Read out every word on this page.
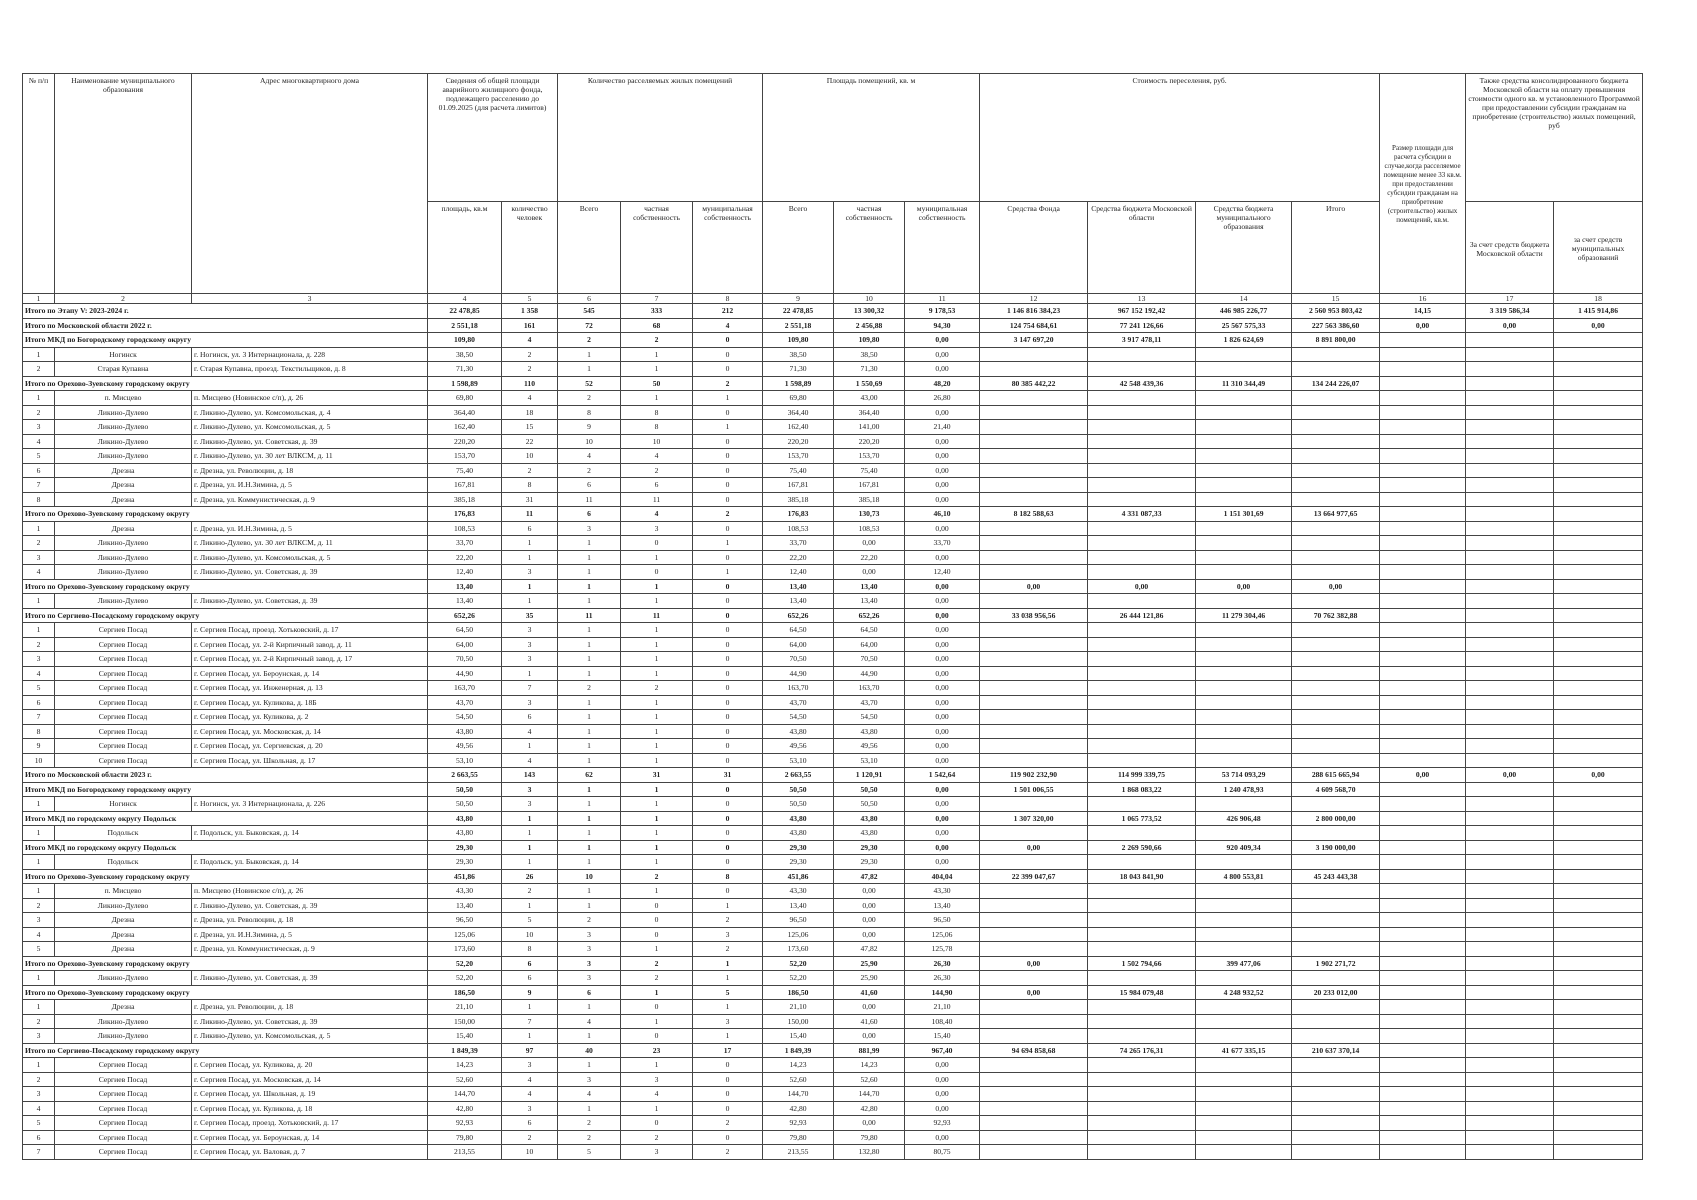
№ п/п	Наименование муниципального образования	Адрес многоквартирного дома	Сведения об общей площади аварийного жилищного фонда, подлежащего расселению до 01.09.2025 (для расчета лимитов)		Количество расселяемых жилых помещений			Площадь помещений, кв. м			Стоимость переселения, руб.				Размер площади для расчета субсидии в случае,когда расселяемое помещение менее 33 кв.м. при предоставлении субсидии гражданам на приобретение (строительство) жилых помещений, кв.м.	Также средства консолидированного бюджета Московской области на оплату превышения стоимости одного кв. м установленного Программой при предоставлении субсидии гражданам на приобретение (строительство) жилых помещений, руб	
			площадь, кв.м	количество человек	Всего	частная собственность	муниципальная собственность	Всего	частная собственность	муниципальная собственность	Средства Фонда	Средства бюджета Московской области	Средства бюджета муниципального образования	Итого		За счет средств бюджета Московской области	за счет средств муниципальных образований
1	2	3	4	5	6	7	8	9	10	11	12	13	14	15	16	17	18
Итого по Этапу V: 2023-2024 г.			22 478,85	1 358	545	333	212	22 478,85	13 300,32	9 178,53	1 146 816 384,23	967 152 192,42	446 985 226,77	2 560 953 803,42	14,15	3 319 586,34	1 415 914,86
Итого по Московской области 2022 г.			2 551,18	161	72	68	4	2 551,18	2 456,88	94,30	124 754 684,61	77 241 126,66	25 567 575,33	227 563 386,60	0,00	0,00	0,00
Итого МКД по Богородскому городскому округу			109,80	4	2	2	0	109,80	109,80	0,00	3 147 697,20	3 917 478,11	1 826 624,69	8 891 800,00			
1	Ногинск	г. Ногинск, ул. 3 Интернационала, д. 228	38,50	2	1	1	0	38,50	38,50	0,00							
2	Старая Купавна	г. Старая Купавна, проезд. Текстильщиков, д. 8	71,30	2	1	1	0	71,30	71,30	0,00							
Итого по Орехово-Зуевскому городскому округу			1 598,89	110	52	50	2	1 598,89	1 550,69	48,20	80 385 442,22	42 548 439,36	11 310 344,49	134 244 226,07			
1	п. Мисцево	п. Мисцево (Новинское с/п), д. 26	69,80	4	2	1	1	69,80	43,00	26,80							
2	Ликино-Дулево	г. Ликино-Дулево, ул. Комсомольская, д. 4	364,40	18	8	8	0	364,40	364,40	0,00							
3	Ликино-Дулево	г. Ликино-Дулево, ул. Комсомольская, д. 5	162,40	15	9	8	1	162,40	141,00	21,40							
4	Ликино-Дулево	г. Ликино-Дулево, ул. Советская, д. 39	220,20	22	10	10	0	220,20	220,20	0,00							
5	Ликино-Дулево	г. Ликино-Дулево, ул. 30 лет ВЛКСМ, д. 11	153,70	10	4	4	0	153,70	153,70	0,00							
6	Дрезна	г. Дрезна, ул. Революции, д. 18	75,40	2	2	2	0	75,40	75,40	0,00							
7	Дрезна	г. Дрезна, ул. И.Н.Зимина, д. 5	167,81	8	6	6	0	167,81	167,81	0,00							
8	Дрезна	г. Дрезна, ул. Коммунистическая, д. 9	385,18	31	11	11	0	385,18	385,18	0,00							
Итого по Орехово-Зуевскому городскому округу			176,83	11	6	4	2	176,83	130,73	46,10	8 182 588,63	4 331 087,33	1 151 301,69	13 664 977,65			
1	Дрезна	г. Дрезна, ул. И.Н.Зимина, д. 5	108,53	6	3	3	0	108,53	108,53	0,00							
2	Ликино-Дулево	г. Ликино-Дулево, ул. 30 лет ВЛКСМ, д. 11	33,70	1	1	0	1	33,70	0,00	33,70							
3	Ликино-Дулево	г. Ликино-Дулево, ул. Комсомольская, д. 5	22,20	1	1	1	0	22,20	22,20	0,00							
4	Ликино-Дулево	г. Ликино-Дулево, ул. Советская, д. 39	12,40	3	1	0	1	12,40	0,00	12,40							
Итого по Орехово-Зуевскому городскому округу			13,40	1	1	1	0	13,40	13,40	0,00	0,00	0,00	0,00	0,00			
1	Ликино-Дулево	г. Ликино-Дулево, ул. Советская, д. 39	13,40	1	1	1	0	13,40	13,40	0,00							
Итого по Сергиево-Посадскому городскому округу			652,26	35	11	11	0	652,26	652,26	0,00	33 038 956,56	26 444 121,86	11 279 304,46	70 762 382,88			
1	Сергиев Посад	г. Сергиев Посад, проезд. Хотьковский, д. 17	64,50	3	1	1	0	64,50	64,50	0,00							
2	Сергиев Посад	г. Сергиев Посад, ул. 2-й Кирпичный завод, д. 11	64,00	3	1	1	0	64,00	64,00	0,00							
3	Сергиев Посад	г. Сергиев Посад, ул. 2-й Кирпичный завод, д. 17	70,50	3	1	1	0	70,50	70,50	0,00							
4	Сергиев Посад	г. Сергиев Посад, ул. Бероунская, д. 14	44,90	1	1	1	0	44,90	44,90	0,00							
5	Сергиев Посад	г. Сергиев Посад, ул. Инженерная, д. 13	163,70	7	2	2	0	163,70	163,70	0,00							
6	Сергиев Посад	г. Сергиев Посад, ул. Куликова, д. 18Б	43,70	3	1	1	0	43,70	43,70	0,00							
7	Сергиев Посад	г. Сергиев Посад, ул. Куликова, д. 2	54,50	6	1	1	0	54,50	54,50	0,00							
8	Сергиев Посад	г. Сергиев Посад, ул. Московская, д. 14	43,80	4	1	1	0	43,80	43,80	0,00							
9	Сергиев Посад	г. Сергиев Посад, ул. Сергиевская, д. 20	49,56	1	1	1	0	49,56	49,56	0,00							
10	Сергиев Посад	г. Сергиев Посад, ул. Школьная, д. 17	53,10	4	1	1	0	53,10	53,10	0,00							
Итого по Московской области 2023 г.			2 663,55	143	62	31	31	2 663,55	1 120,91	1 542,64	119 902 232,90	114 999 339,75	53 714 093,29	288 615 665,94	0,00	0,00	0,00
Итого МКД по Богородскому городскому округу			50,50	3	1	1	0	50,50	50,50	0,00	1 501 006,55	1 868 083,22	1 240 478,93	4 609 568,70			
1	Ногинск	г. Ногинск, ул. 3 Интернационала, д. 226	50,50	3	1	1	0	50,50	50,50	0,00							
Итого МКД по городскому округу Подольск			43,80	1	1	1	0	43,80	43,80	0,00	1 307 320,00	1 065 773,52	426 906,48	2 800 000,00			
1	Подольск	г. Подольск, ул. Быковская, д. 14	43,80	1	1	1	0	43,80	43,80	0,00							
Итого МКД по городскому округу Подольск			29,30	1	1	1	0	29,30	29,30	0,00	0,00	2 269 590,66	920 409,34	3 190 000,00			
1	Подольск	г. Подольск, ул. Быковская, д. 14	29,30	1	1	1	0	29,30	29,30	0,00							
Итого по Орехово-Зуевскому городскому округу			451,86	26	10	2	8	451,86	47,82	404,04	22 399 047,67	18 043 841,90	4 800 553,81	45 243 443,38			
1	п. Мисцево	п. Мисцево (Новинское с/п), д. 26	43,30	2	1	1	0	43,30	0,00	43,30							
2	Ликино-Дулево	г. Ликино-Дулево, ул. Советская, д. 39	13,40	1	1	0	1	13,40	0,00	13,40							
3	Дрезна	г. Дрезна, ул. Революции, д. 18	96,50	5	2	0	2	96,50	0,00	96,50							
4	Дрезна	г. Дрезна, ул. И.Н.Зимина, д. 5	125,06	10	3	0	3	125,06	0,00	125,06							
5	Дрезна	г. Дрезна, ул. Коммунистическая, д. 9	173,60	8	3	1	2	173,60	47,82	125,78							
Итого по Орехово-Зуевскому городскому округу			52,20	6	3	2	1	52,20	25,90	26,30	0,00	1 502 794,66	399 477,06	1 902 271,72			
1	Ликино-Дулево	г. Ликино-Дулево, ул. Советская, д. 39	52,20	6	3	2	1	52,20	25,90	26,30							
Итого по Орехово-Зуевскому городскому округу			186,50	9	6	1	5	186,50	41,60	144,90	0,00	15 984 079,48	4 248 932,52	20 233 012,00			
1	Дрезна	г. Дрезна, ул. Революции, д. 18	21,10	1	1	0	1	21,10	0,00	21,10							
2	Ликино-Дулево	г. Ликино-Дулево, ул. Советская, д. 39	150,00	7	4	1	3	150,00	41,60	108,40							
3	Ликино-Дулево	г. Ликино-Дулево, ул. Комсомольская, д. 5	15,40	1	1	0	1	15,40	0,00	15,40							
Итого по Сергиево-Посадскому городскому округу			1 849,39	97	40	23	17	1 849,39	881,99	967,40	94 694 858,68	74 265 176,31	41 677 335,15	210 637 370,14			
1	Сергиев Посад	г. Сергиев Посад, ул. Куликова, д. 20	14,23	3	1	1	0	14,23	14,23	0,00							
2	Сергиев Посад	г. Сергиев Посад, ул. Московская, д. 14	52,60	4	3	3	0	52,60	52,60	0,00							
3	Сергиев Посад	г. Сергиев Посад, ул. Школьная, д. 19	144,70	4	4	4	0	144,70	144,70	0,00							
4	Сергиев Посад	г. Сергиев Посад, ул. Куликова, д. 18	42,80	3	1	1	0	42,80	42,80	0,00							
5	Сергиев Посад	г. Сергиев Посад, проезд. Хотьковский, д. 17	92,93	6	2	0	2	92,93	0,00	92,93							
6	Сергиев Посад	г. Сергиев Посад, ул. Бероунская, д. 14	79,80	2	2	2	0	79,80	79,80	0,00							
7	Сергиев Посад	г. Сергиев Посад, ул. Валовая, д. 7	213,55	10	5	3	2	213,55	132,80	80,75							
